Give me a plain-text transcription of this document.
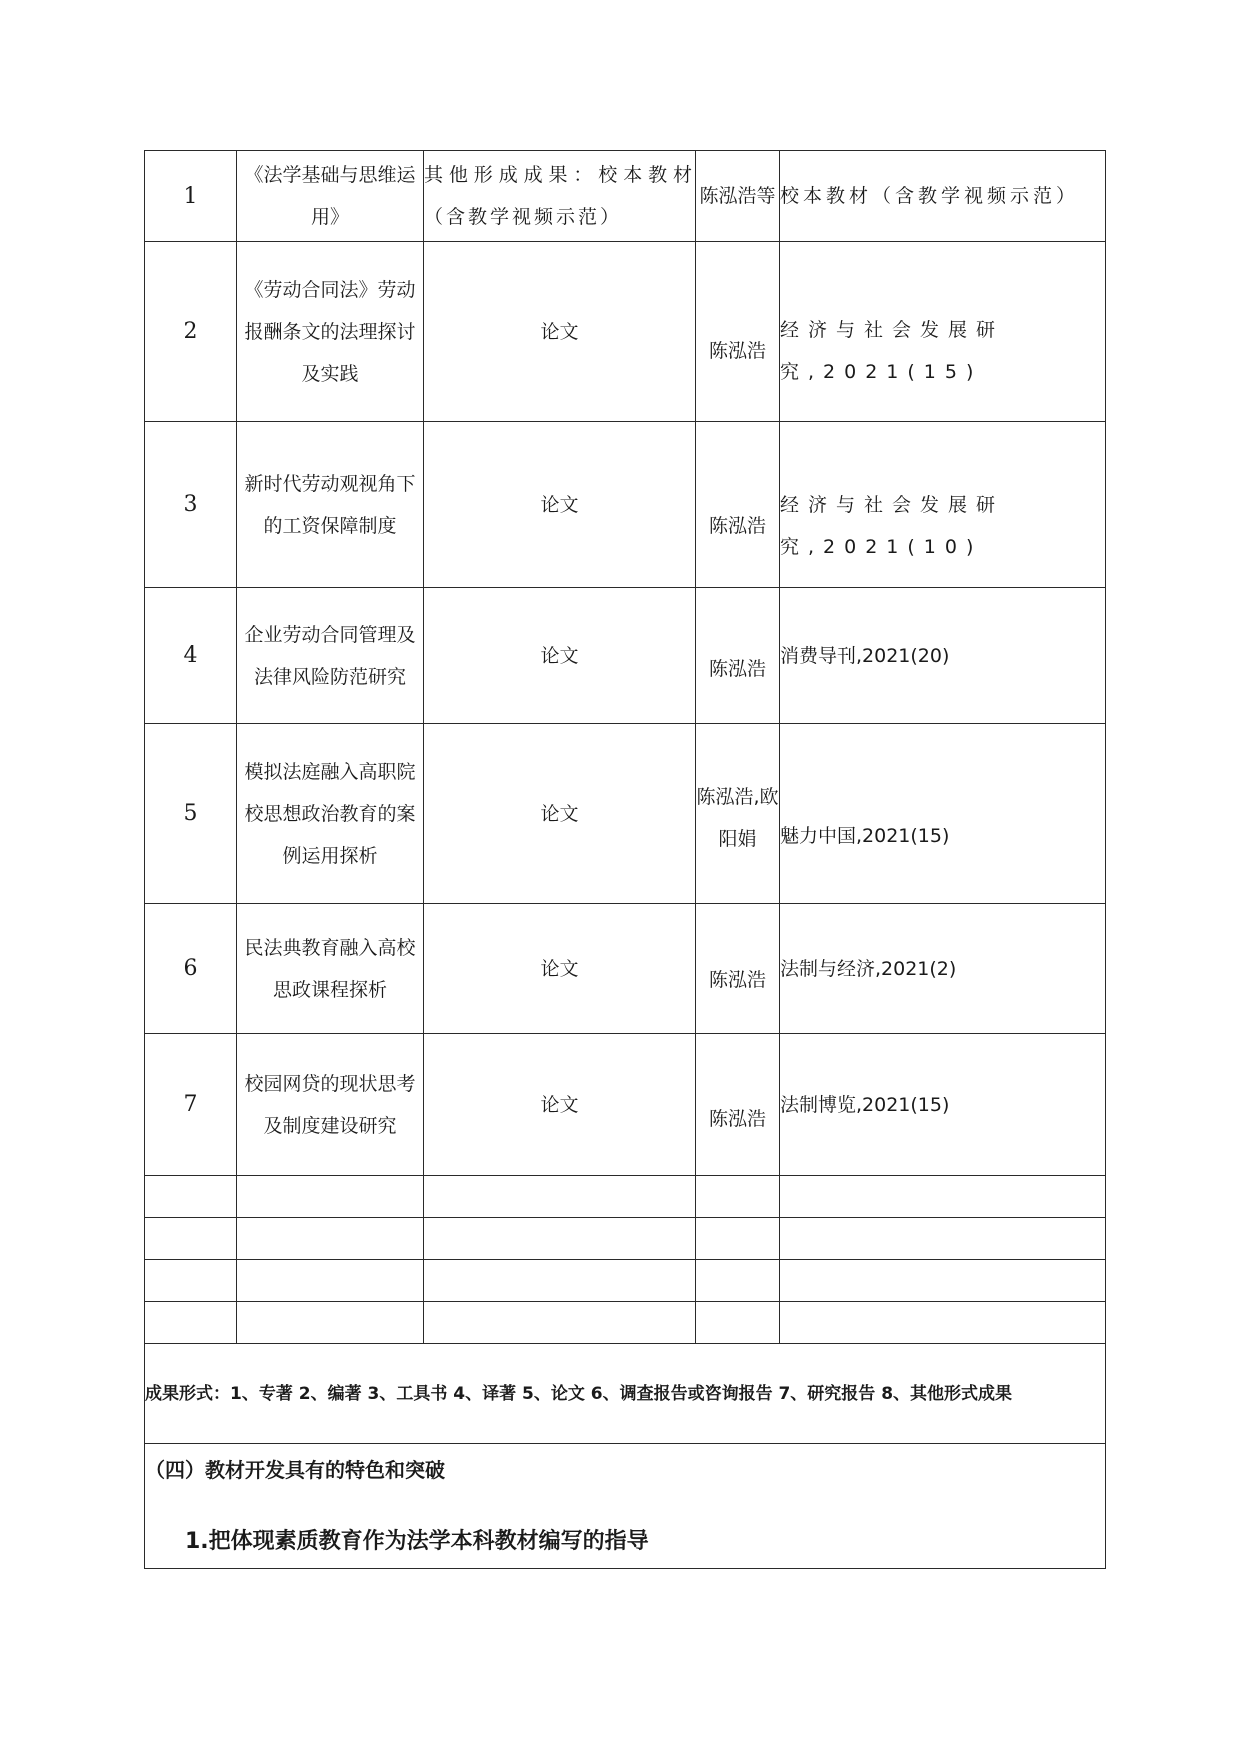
1	《法学基础与思维运用》	其他形成成果：校本教材（含教学视频示范）	陈泓浩等	校本教材（含教学视频示范）
2	《劳动合同法》劳动报酬条文的法理探讨及实践	论文	陈泓浩	经济与社会发展研究,2021(15)
3	新时代劳动观视角下的工资保障制度	论文	陈泓浩	经济与社会发展研究,2021(10)
4	企业劳动合同管理及法律风险防范研究	论文	陈泓浩	消费导刊,2021(20)
5	模拟法庭融入高职院校思想政治教育的案例运用探析	论文	陈泓浩,欧阳娟	魅力中国,2021(15)
6	民法典教育融入高校思政课程探析	论文	陈泓浩	法制与经济,2021(2)
7	校园网贷的现状思考及制度建设研究	论文	陈泓浩	法制博览,2021(15)

成果形式：1、专著 2、编著 3、工具书 4、译著 5、论文 6、调查报告或咨询报告 7、研究报告 8、其他形式成果				

（四）教材开发具有的特色和突破
1.把体现素质教育作为法学本科教材编写的指导				
